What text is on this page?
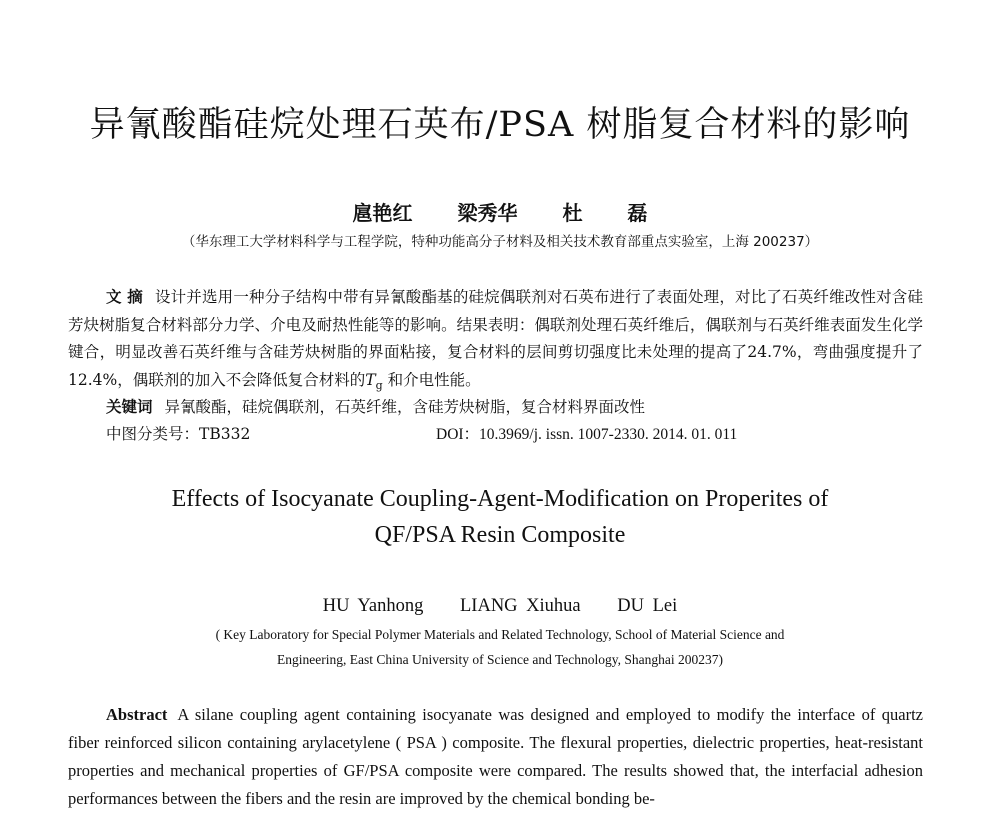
异氰酸酯硅烷处理石英布/PSA 树脂复合材料的影响
扈艳红 梁秀华 杜 磊
（华东理工大学材料科学与工程学院，特种功能高分子材料及相关技术教育部重点实验室，上海 200237）
文 摘 设计并选用一种分子结构中带有异氰酸酯基的硅烷偶联剂对石英布进行了表面处理，对比了石英纤维改性对含硅芳炔树脂复合材料部分力学、介电及耐热性能等的影响。结果表明：偶联剂处理石英纤维后，偶联剂与石英纤维表面发生化学键合，明显改善石英纤维与含硅芳炔树脂的界面粘接，复合材料的层间剪切强度比未处理的提高了24.7%，弯曲强度提升了12.4%，偶联剂的加入不会降低复合材料的$T_g$ 和介电性能。
关键词 异氰酸酯，硅烷偶联剂，石英纤维，含硅芳炔树脂，复合材料界面改性
中图分类号：TB332	DOI：10.3969/j. issn. 1007-2330. 2014. 01. 011
Effects of Isocyanate Coupling-Agent-Modification on Properites of
QF/PSA Resin Composite
HU Yanhong LIANG Xiuhua DU Lei
( Key Laboratory for Special Polymer Materials and Related Technology, School of Material Science and
Engineering, East China University of Science and Technology, Shanghai 200237)
Abstract A silane coupling agent containing isocyanate was designed and employed to modify the interface of quartz fiber reinforced silicon containing arylacetylene ( PSA ) composite. The flexural properties, dielectric properties, heat-resistant properties and mechanical properties of GF/PSA composite were compared. The results showed that, the interfacial adhesion performances between the fibers and the resin are improved by the chemical bonding be-
